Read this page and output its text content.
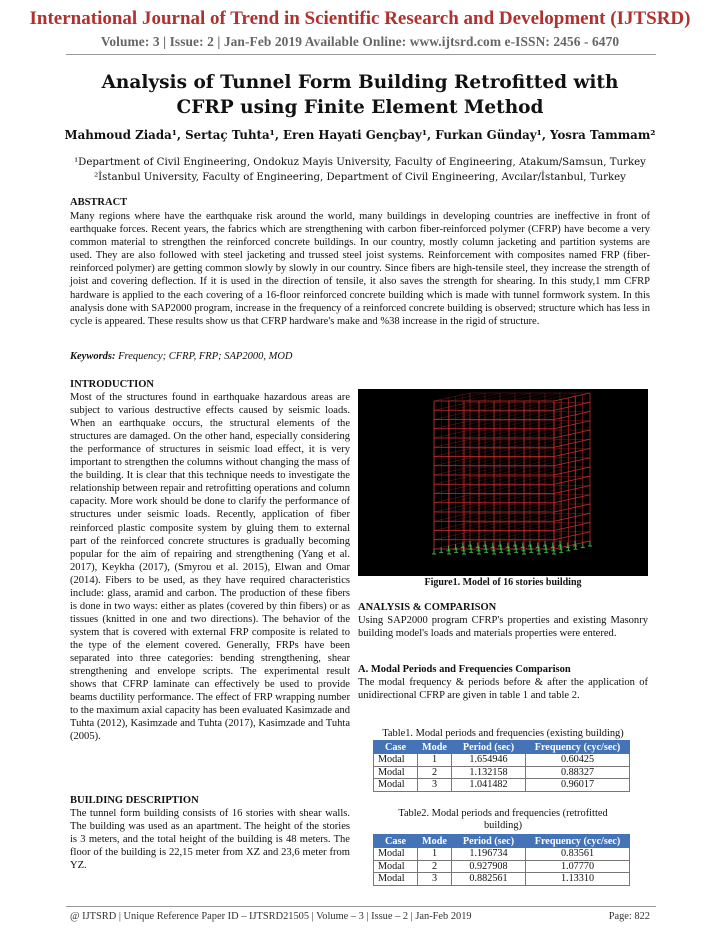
International Journal of Trend in Scientific Research and Development (IJTSRD)
Volume: 3 | Issue: 2 | Jan-Feb 2019 Available Online: www.ijtsrd.com e-ISSN: 2456 - 6470
Analysis of Tunnel Form Building Retrofitted with
CFRP using Finite Element Method
Mahmoud Ziada¹, Sertaç Tuhta¹, Eren Hayati Gençbay¹, Furkan Günday¹, Yosra Tammam²
¹Department of Civil Engineering, Ondokuz Mayis University, Faculty of Engineering, Atakum/Samsun, Turkey
²İstanbul University, Faculty of Engineering, Department of Civil Engineering, Avcılar/İstanbul, Turkey
ABSTRACT
Many regions where have the earthquake risk around the world, many buildings in developing countries are ineffective in front of earthquake forces. Recent years, the fabrics which are strengthening with carbon fiber-reinforced polymer (CFRP) have become a very common material to strengthen the reinforced concrete buildings. In our country, mostly column jacketing and partition systems are used. They are also followed with steel jacketing and trussed steel joist systems. Reinforcement with composites named FRP (fiber-reinforced polymer) are getting common slowly by slowly in our country. Since fibers are high-tensile steel, they increase the strength of joist and covering deflection. If it is used in the direction of tensile, it also saves the strength for shearing. In this study,1 mm CFRP hardware is applied to the each covering of a 16-floor reinforced concrete building which is made with tunnel formwork system. In this analysis done with SAP2000 program, increase in the frequency of a reinforced concrete building is observed; structure which has less in cycle is appeared. These results show us that CFRP hardware's make and %38 increase in the rigid of structure.
Keywords: Frequency; CFRP, FRP; SAP2000, MOD
INTRODUCTION
Most of the structures found in earthquake hazardous areas are subject to various destructive effects caused by seismic loads. When an earthquake occurs, the structural elements of the structures are damaged. On the other hand, especially considering the performance of structures in seismic load effect, it is very important to strengthen the columns without changing the mass of the building. It is clear that this technique needs to investigate the relationship between repair and retrofitting operations and column capacity. More work should be done to clarify the performance of structures under seismic loads. Recently, application of fiber reinforced plastic composite system by gluing them to external part of the reinforced concrete structures is gradually becoming popular for the aim of repairing and strengthening (Yang et al. 2017), Keykha (2017), (Smyrou et al. 2015), Elwan and Omar (2014). Fibers to be used, as they have required characteristics include: glass, aramid and carbon. The production of these fibers is done in two ways: either as plates (covered by thin fibers) or as tissues (knitted in one and two directions). The behavior of the system that is covered with external FRP composite is related to the type of the element covered. Generally, FRPs have been separated into three categories: bending strengthening, shear strengthening and envelope scripts. The experimental result shows that CFRP laminate can effectively be used to provide beams ductility performance. The effect of FRP wrapping number to the maximum axial capacity has been evaluated Kasimzade and Tuhta (2012), Kasimzade and Tuhta (2017), Kasimzade and Tuhta (2005).
BUILDING DESCRIPTION
The tunnel form building consists of 16 stories with shear walls. The building was used as an apartment. The height of the stories is 3 meters, and the total height of the building is 48 meters. The floor of the building is 22,15 meter from XZ and 23,6 meter from YZ.
Figure1. Model of 16 stories building
ANALYSIS & COMPARISON
Using SAP2000 program CFRP's properties and existing Masonry building model's loads and materials properties were entered.
A. Modal Periods and Frequencies Comparison
The modal frequency & periods before & after the application of unidirectional CFRP are given in table 1 and table 2.
Table1. Modal periods and frequencies (existing building)
Case	Mode	Period (sec)	Frequency (cyc/sec)
Modal	1	1.654946	0.60425
Modal	2	1.132158	0.88327
Modal	3	1.041482	0.96017
Table2. Modal periods and frequencies (retrofitted
building)
Case	Mode	Period (sec)	Frequency (cyc/sec)
Modal	1	1.196734	0.83561
Modal	2	0.927908	1.07770
Modal	3	0.882561	1.13310
@ IJTSRD | Unique Reference Paper ID – IJTSRD21505 | Volume – 3 | Issue – 2 | Jan-Feb 2019	Page: 822
